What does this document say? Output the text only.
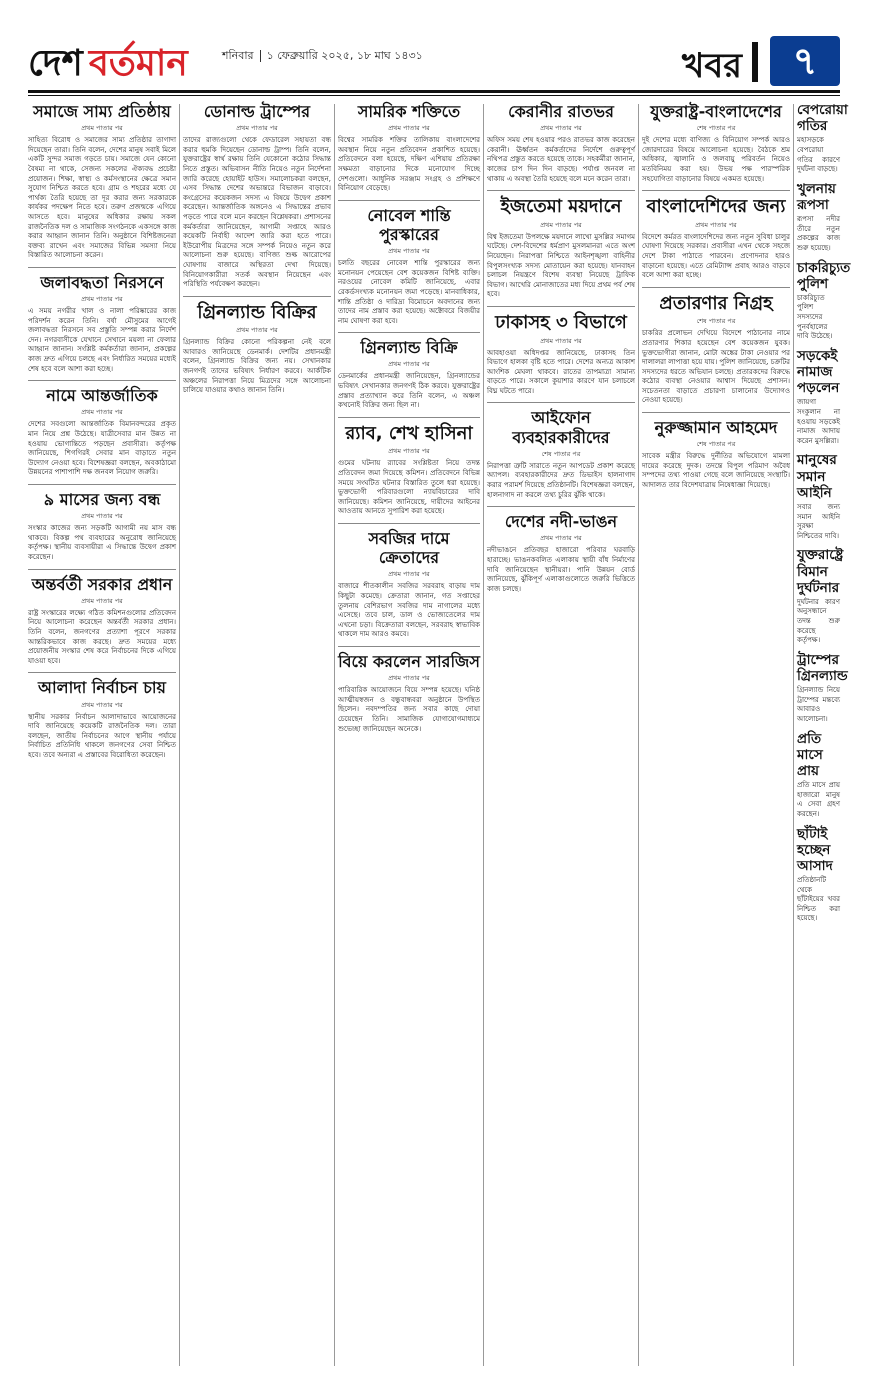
দেশ বর্তমান	শনিবার ১ ফেব্রুয়ারি ২০২৫, ১৮ মাঘ ১৪৩১	খবর	৭
সমাজে সাম্য প্রতিষ্ঠায়
প্রথম পাতার পর
সাহিত্য বিরোধ ও সমাজের সাম্য প্রতিষ্ঠার তাগাদা দিয়েছেন তারা। তিনি বলেন, দেশের মানুষ সবাই মিলে একটি সুন্দর সমাজ গড়তে চায়। সমাজে যেন কোনো বৈষম্য না থাকে, সেজন্য সকলের ঐক্যবদ্ধ প্রচেষ্টা প্রয়োজন। শিক্ষা, স্বাস্থ্য ও কর্মসংস্থানের ক্ষেত্রে সমান সুযোগ নিশ্চিত করতে হবে। গ্রাম ও শহরের মধ্যে যে পার্থক্য তৈরি হয়েছে তা দূর করার জন্য সরকারকে কার্যকর পদক্ষেপ নিতে হবে। তরুণ প্রজন্মকে এগিয়ে আসতে হবে। মানুষের অধিকার রক্ষায় সকল রাজনৈতিক দল ও সামাজিক সংগঠনকে একসঙ্গে কাজ করার আহ্বান জানান তিনি। অনুষ্ঠানে বিশিষ্টজনেরা বক্তব্য রাখেন এবং সমাজের বিভিন্ন সমস্যা নিয়ে বিস্তারিত আলোচনা করেন।
জলাবদ্ধতা নিরসনে
প্রথম পাতার পর
এ সময় নগরীর খাল ও নালা পরিষ্কারের কাজ পরিদর্শন করেন তিনি। বর্ষা মৌসুমের আগেই জলাবদ্ধতা নিরসনে সব প্রস্তুতি সম্পন্ন করার নির্দেশ দেন। নগরবাসীকে যেখানে সেখানে ময়লা না ফেলার আহ্বান জানান। সংশ্লিষ্ট কর্মকর্তারা জানান, প্রকল্পের কাজ দ্রুত এগিয়ে চলছে এবং নির্ধারিত সময়ের মধ্যেই শেষ হবে বলে আশা করা হচ্ছে।
নামে আন্তর্জাতিক
প্রথম পাতার পর
দেশের সবগুলো আন্তর্জাতিক বিমানবন্দরের প্রকৃত মান নিয়ে প্রশ্ন উঠেছে। যাত্রীসেবার মান উন্নত না হওয়ায় ভোগান্তিতে পড়ছেন প্রবাসীরা। কর্তৃপক্ষ জানিয়েছে, শিগগিরই সেবার মান বাড়াতে নতুন উদ্যোগ নেওয়া হবে। বিশেষজ্ঞরা বলছেন, অবকাঠামো উন্নয়নের পাশাপাশি দক্ষ জনবল নিয়োগ জরুরি।
৯ মাসের জন্য বন্ধ
প্রথম পাতার পর
সংস্কার কাজের জন্য সড়কটি আগামী নয় মাস বন্ধ থাকবে। বিকল্প পথ ব্যবহারের অনুরোধ জানিয়েছে কর্তৃপক্ষ। স্থানীয় ব্যবসায়ীরা এ সিদ্ধান্তে উদ্বেগ প্রকাশ করেছেন।
অন্তর্বর্তী সরকার প্রধান
প্রথম পাতার পর
রাষ্ট্র সংস্কারের লক্ষ্যে গঠিত কমিশনগুলোর প্রতিবেদন নিয়ে আলোচনা করেছেন অন্তর্বর্তী সরকার প্রধান। তিনি বলেন, জনগণের প্রত্যাশা পূরণে সরকার আন্তরিকভাবে কাজ করছে। দ্রুত সময়ের মধ্যে প্রয়োজনীয় সংস্কার শেষ করে নির্বাচনের দিকে এগিয়ে যাওয়া হবে।
আলাদা নির্বাচন চায়
প্রথম পাতার পর
স্থানীয় সরকার নির্বাচন আলাদাভাবে আয়োজনের দাবি জানিয়েছে কয়েকটি রাজনৈতিক দল। তারা বলছেন, জাতীয় নির্বাচনের আগে স্থানীয় পর্যায়ে নির্বাচিত প্রতিনিধি থাকলে জনগণের সেবা নিশ্চিত হবে। তবে অন্যরা এ প্রস্তাবের বিরোধিতা করেছেন।
ডোনাল্ড ট্রাম্পের
প্রথম পাতার পর
তাদের রাজ্যগুলো থেকে ফেডারেল সহায়তা বন্ধ করার হুমকি দিয়েছেন ডোনাল্ড ট্রাম্প। তিনি বলেন, যুক্তরাষ্ট্রের স্বার্থ রক্ষায় তিনি যেকোনো কঠোর সিদ্ধান্ত নিতে প্রস্তুত। অভিবাসন নীতি নিয়েও নতুন নির্দেশনা জারি করেছে হোয়াইট হাউস। সমালোচকরা বলছেন, এসব সিদ্ধান্ত দেশের অভ্যন্তরে বিভাজন বাড়াবে। কংগ্রেসের কয়েকজন সদস্য এ বিষয়ে উদ্বেগ প্রকাশ করেছেন। আন্তর্জাতিক অঙ্গনেও এ সিদ্ধান্তের প্রভাব পড়তে পারে বলে মনে করছেন বিশ্লেষকরা। প্রশাসনের কর্মকর্তারা জানিয়েছেন, আগামী সপ্তাহে আরও কয়েকটি নির্বাহী আদেশ জারি করা হতে পারে। ইউরোপীয় মিত্রদের সঙ্গে সম্পর্ক নিয়েও নতুন করে আলোচনা শুরু হয়েছে। বাণিজ্য শুল্ক আরোপের ঘোষণায় বাজারে অস্থিরতা দেখা দিয়েছে। বিনিয়োগকারীরা সতর্ক অবস্থান নিয়েছেন এবং পরিস্থিতি পর্যবেক্ষণ করছেন।
গ্রিনল্যান্ড বিক্রির
প্রথম পাতার পর
গ্রিনল্যান্ড বিক্রির কোনো পরিকল্পনা নেই বলে আবারও জানিয়েছে ডেনমার্ক। দেশটির প্রধানমন্ত্রী বলেন, গ্রিনল্যান্ড বিক্রির জন্য নয়। সেখানকার জনগণই তাদের ভবিষ্যৎ নির্ধারণ করবে। আর্কটিক অঞ্চলের নিরাপত্তা নিয়ে মিত্রদের সঙ্গে আলোচনা চালিয়ে যাওয়ার কথাও জানান তিনি।
সামরিক শক্তিতে
প্রথম পাতার পর
বিশ্বের সামরিক শক্তির তালিকায় বাংলাদেশের অবস্থান নিয়ে নতুন প্রতিবেদন প্রকাশিত হয়েছে। প্রতিবেদনে বলা হয়েছে, দক্ষিণ এশিয়ায় প্রতিরক্ষা সক্ষমতা বাড়ানোর দিকে মনোযোগ দিচ্ছে দেশগুলো। আধুনিক সরঞ্জাম সংগ্রহ ও প্রশিক্ষণে বিনিয়োগ বেড়েছে।
নোবেল শান্তি পুরস্কারের
প্রথম পাতার পর
চলতি বছরের নোবেল শান্তি পুরস্কারের জন্য মনোনয়ন পেয়েছেন বেশ কয়েকজন বিশিষ্ট ব্যক্তি। নরওয়ের নোবেল কমিটি জানিয়েছে, এবার রেকর্ডসংখ্যক মনোনয়ন জমা পড়েছে। মানবাধিকার, শান্তি প্রতিষ্ঠা ও দারিদ্র্য বিমোচনে অবদানের জন্য তাদের নাম প্রস্তাব করা হয়েছে। অক্টোবরে বিজয়ীর নাম ঘোষণা করা হবে।
গ্রিনল্যান্ড বিক্রি
প্রথম পাতার পর
ডেনমার্কের প্রধানমন্ত্রী জানিয়েছেন, গ্রিনল্যান্ডের ভবিষ্যৎ সেখানকার জনগণই ঠিক করবে। যুক্তরাষ্ট্রের প্রস্তাব প্রত্যাখ্যান করে তিনি বলেন, এ অঞ্চল কখনোই বিক্রির জন্য ছিল না।
র‌্যাব, শেখ হাসিনা
প্রথম পাতার পর
গুমের ঘটনায় র‌্যাবের সংশ্লিষ্টতা নিয়ে তদন্ত প্রতিবেদন জমা দিয়েছে কমিশন। প্রতিবেদনে বিভিন্ন সময়ে সংঘটিত ঘটনার বিস্তারিত তুলে ধরা হয়েছে। ভুক্তভোগী পরিবারগুলো ন্যায়বিচারের দাবি জানিয়েছে। কমিশন জানিয়েছে, দায়ীদের আইনের আওতায় আনতে সুপারিশ করা হয়েছে।
সবজির দামে ক্রেতাদের
প্রথম পাতার পর
বাজারে শীতকালীন সবজির সরবরাহ বাড়ায় দাম কিছুটা কমেছে। ক্রেতারা জানান, গত সপ্তাহের তুলনায় বেশিরভাগ সবজির দাম নাগালের মধ্যে এসেছে। তবে চাল, ডাল ও ভোজ্যতেলের দাম এখনো চড়া। বিক্রেতারা বলছেন, সরবরাহ স্বাভাবিক থাকলে দাম আরও কমবে।
বিয়ে করলেন সারজিস
প্রথম পাতার পর
পারিবারিক আয়োজনে বিয়ে সম্পন্ন হয়েছে। ঘনিষ্ঠ আত্মীয়স্বজন ও বন্ধুবান্ধবরা অনুষ্ঠানে উপস্থিত ছিলেন। নবদম্পতির জন্য সবার কাছে দোয়া চেয়েছেন তিনি। সামাজিক যোগাযোগমাধ্যমে শুভেচ্ছা জানিয়েছেন অনেকে।
কেরানীর রাতভর
প্রথম পাতার পর
অফিস সময় শেষ হওয়ার পরও রাতভর কাজ করেছেন কেরানী। ঊর্ধ্বতন কর্মকর্তাদের নির্দেশে গুরুত্বপূর্ণ নথিপত্র প্রস্তুত করতে হয়েছে তাকে। সহকর্মীরা জানান, কাজের চাপ দিন দিন বাড়ছে। পর্যাপ্ত জনবল না থাকায় এ অবস্থা তৈরি হয়েছে বলে মনে করেন তারা।
ইজতেমা ময়দানে
প্রথম পাতার পর
বিশ্ব ইজতেমা উপলক্ষে ময়দানে লাখো মুসল্লির সমাগম ঘটেছে। দেশ-বিদেশের ধর্মপ্রাণ মুসলমানরা এতে অংশ নিয়েছেন। নিরাপত্তা নিশ্চিতে আইনশৃঙ্খলা বাহিনীর বিপুলসংখ্যক সদস্য মোতায়েন করা হয়েছে। যানবাহন চলাচল নিয়ন্ত্রণে বিশেষ ব্যবস্থা নিয়েছে ট্রাফিক বিভাগ। আখেরি মোনাজাতের মধ্য দিয়ে প্রথম পর্ব শেষ হবে।
ঢাকাসহ ৩ বিভাগে
প্রথম পাতার পর
আবহাওয়া অধিদপ্তর জানিয়েছে, ঢাকাসহ তিন বিভাগে হালকা বৃষ্টি হতে পারে। দেশের অন্যত্র আকাশ আংশিক মেঘলা থাকবে। রাতের তাপমাত্রা সামান্য বাড়তে পারে। সকালে কুয়াশার কারণে যান চলাচলে বিঘ্ন ঘটতে পারে।
আইফোন ব্যবহারকারীদের
শেষ পাতার পর
নিরাপত্তা ত্রুটি সারাতে নতুন আপডেট প্রকাশ করেছে অ্যাপল। ব্যবহারকারীদের দ্রুত ডিভাইস হালনাগাদ করার পরামর্শ দিয়েছে প্রতিষ্ঠানটি। বিশেষজ্ঞরা বলছেন, হালনাগাদ না করলে তথ্য চুরির ঝুঁকি থাকে।
দেশের নদী-ভাঙন
প্রথম পাতার পর
নদীভাঙনে প্রতিবছর হাজারো পরিবার ঘরবাড়ি হারাচ্ছে। ভাঙনকবলিত এলাকায় স্থায়ী বাঁধ নির্মাণের দাবি জানিয়েছেন স্থানীয়রা। পানি উন্নয়ন বোর্ড জানিয়েছে, ঝুঁকিপূর্ণ এলাকাগুলোতে জরুরি ভিত্তিতে কাজ চলছে।
যুক্তরাষ্ট্র-বাংলাদেশের
শেষ পাতার পর
দুই দেশের মধ্যে বাণিজ্য ও বিনিয়োগ সম্পর্ক আরও জোরদারের বিষয়ে আলোচনা হয়েছে। বৈঠকে শ্রম অধিকার, জ্বালানি ও জলবায়ু পরিবর্তন নিয়েও মতবিনিময় করা হয়। উভয় পক্ষ পারস্পরিক সহযোগিতা বাড়ানোর বিষয়ে একমত হয়েছে।
বাংলাদেশিদের জন্য
প্রথম পাতার পর
বিদেশে কর্মরত বাংলাদেশিদের জন্য নতুন সুবিধা চালুর ঘোষণা দিয়েছে সরকার। প্রবাসীরা এখন থেকে সহজে দেশে টাকা পাঠাতে পারবেন। প্রণোদনার হারও বাড়ানো হয়েছে। এতে রেমিট্যান্স প্রবাহ আরও বাড়বে বলে আশা করা হচ্ছে।
প্রতারণার নিগ্রহ
শেষ পাতার পর
চাকরির প্রলোভন দেখিয়ে বিদেশে পাঠানোর নামে প্রতারণার শিকার হয়েছেন বেশ কয়েকজন যুবক। ভুক্তভোগীরা জানান, মোটা অঙ্কের টাকা নেওয়ার পর দালালরা লাপাত্তা হয়ে যায়। পুলিশ জানিয়েছে, চক্রটির সদস্যদের ধরতে অভিযান চলছে। প্রতারকদের বিরুদ্ধে কঠোর ব্যবস্থা নেওয়ার আশ্বাস দিয়েছে প্রশাসন। সচেতনতা বাড়াতে প্রচারণা চালানোর উদ্যোগও নেওয়া হয়েছে।
নুরুজ্জামান আহমেদ
শেষ পাতার পর
সাবেক মন্ত্রীর বিরুদ্ধে দুর্নীতির অভিযোগে মামলা দায়ের করেছে দুদক। তদন্তে বিপুল পরিমাণ অবৈধ সম্পদের তথ্য পাওয়া গেছে বলে জানিয়েছে সংস্থাটি। আদালত তার বিদেশযাত্রায় নিষেধাজ্ঞা দিয়েছে।
বেপরোয়া গতির
মহাসড়কে বেপরোয়া গতির কারণে দুর্ঘটনা বাড়ছে।
খুলনায় রূপসা
রূপসা নদীর তীরে নতুন প্রকল্পের কাজ শুরু হয়েছে।
চাকরিচ্যুত পুলিশ
চাকরিচ্যুত পুলিশ সদস্যদের পুনর্বহালের দাবি উঠেছে।
সড়কেই নামাজ পড়লেন
জায়গা সংকুলান না হওয়ায় সড়কেই নামাজ আদায় করেন মুসল্লিরা।
মানুষের সমান আইনি
সবার জন্য সমান আইনি সুরক্ষা নিশ্চিতের দাবি।
যুক্তরাষ্ট্রে বিমান দুর্ঘটনার
দুর্ঘটনার কারণ অনুসন্ধানে তদন্ত শুরু করেছে কর্তৃপক্ষ।
ট্রাম্পের গ্রিনল্যান্ড
গ্রিনল্যান্ড নিয়ে ট্রাম্পের মন্তব্যে আবারও আলোচনা।
প্রতি মাসে প্রায়
প্রতি মাসে প্রায় হাজারো মানুষ এ সেবা গ্রহণ করছেন।
ছাঁটাই হচ্ছেন আসাদ
প্রতিষ্ঠানটি থেকে ছাঁটাইয়ের খবর নিশ্চিত করা হয়েছে।
